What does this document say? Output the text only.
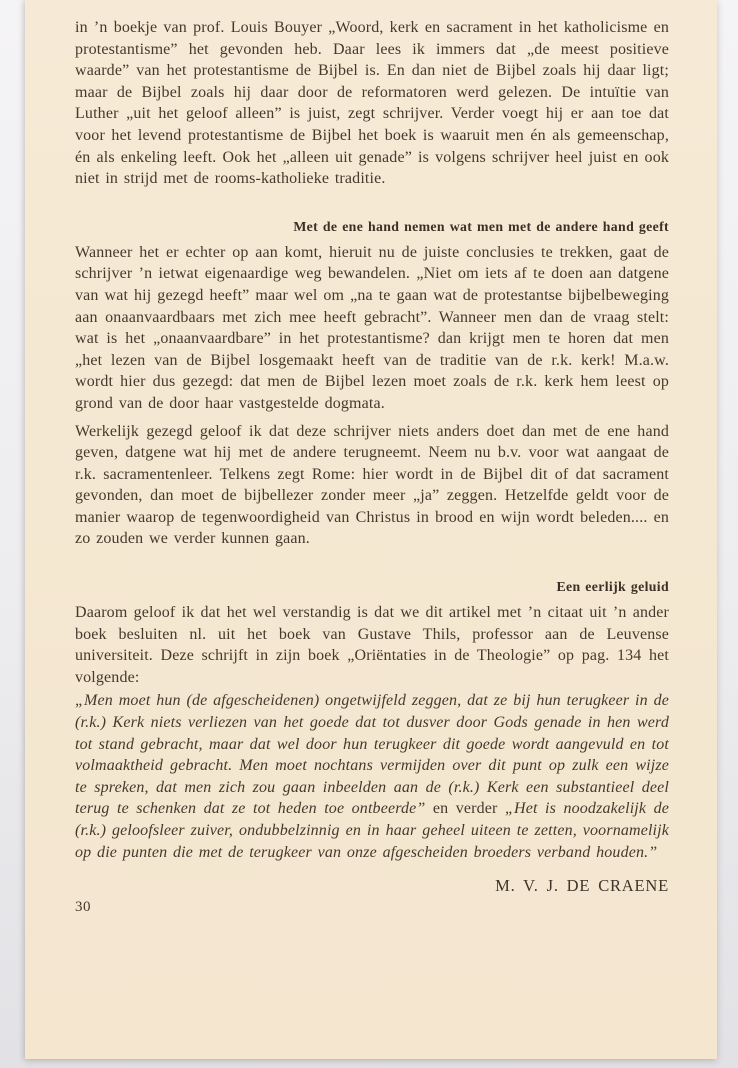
in ’n boekje van prof. Louis Bouyer „Woord, kerk en sacrament in het katholicisme en protestantisme” het gevonden heb. Daar lees ik immers dat „de meest positieve waarde” van het protestantisme de Bijbel is. En dan niet de Bijbel zoals hij daar ligt; maar de Bijbel zoals hij daar door de reformatoren werd gelezen. De intuïtie van Luther „uit het geloof alleen” is juist, zegt schrijver. Verder voegt hij er aan toe dat voor het levend protestantisme de Bijbel het boek is waaruit men én als gemeenschap, én als enkeling leeft. Ook het „alleen uit genade” is volgens schrijver heel juist en ook niet in strijd met de rooms-katholieke traditie.

Met de ene hand nemen wat men met de andere hand geeft

Wanneer het er echter op aan komt, hieruit nu de juiste conclusies te trekken, gaat de schrijver ’n ietwat eigenaardige weg bewandelen. „Niet om iets af te doen aan datgene van wat hij gezegd heeft” maar wel om „na te gaan wat de protestantse bijbelbeweging aan onaanvaardbaars met zich mee heeft gebracht”. Wanneer men dan de vraag stelt: wat is het „onaanvaardbare” in het protestantisme? dan krijgt men te horen dat men „het lezen van de Bijbel losgemaakt heeft van de traditie van de r.k. kerk! M.a.w. wordt hier dus gezegd: dat men de Bijbel lezen moet zoals de r.k. kerk hem leest op grond van de door haar vastgestelde dogmata.

Werkelijk gezegd geloof ik dat deze schrijver niets anders doet dan met de ene hand geven, datgene wat hij met de andere terugneemt. Neem nu b.v. voor wat aangaat de r.k. sacramentenleer. Telkens zegt Rome: hier wordt in de Bijbel dit of dat sacrament gevonden, dan moet de bijbellezer zonder meer „ja” zeggen. Hetzelfde geldt voor de manier waarop de tegenwoordigheid van Christus in brood en wijn wordt beleden.... en zo zouden we verder kunnen gaan.

Een eerlijk geluid

Daarom geloof ik dat het wel verstandig is dat we dit artikel met ’n citaat uit ’n ander boek besluiten nl. uit het boek van Gustave Thils, professor aan de Leuvense universiteit. Deze schrijft in zijn boek „Oriëntaties in de Theologie” op pag. 134 het volgende:

„Men moet hun (de afgescheidenen) ongetwijfeld zeggen, dat ze bij hun terugkeer in de (r.k.) Kerk niets verliezen van het goede dat tot dusver door Gods genade in hen werd tot stand gebracht, maar dat wel door hun terugkeer dit goede wordt aangevuld en tot volmaaktheid gebracht. Men moet nochtans vermijden over dit punt op zulk een wijze te spreken, dat men zich zou gaan inbeelden aan de (r.k.) Kerk een substantieel deel terug te schenken dat ze tot heden toe ontbeerde” en verder „Het is noodzakelijk de (r.k.) geloofsleer zuiver, ondubbelzinnig en in haar geheel uiteen te zetten, voornamelijk op die punten die met de terugkeer van onze afgescheiden broeders verband houden.”

M. V. J. DE CRAENE

30
